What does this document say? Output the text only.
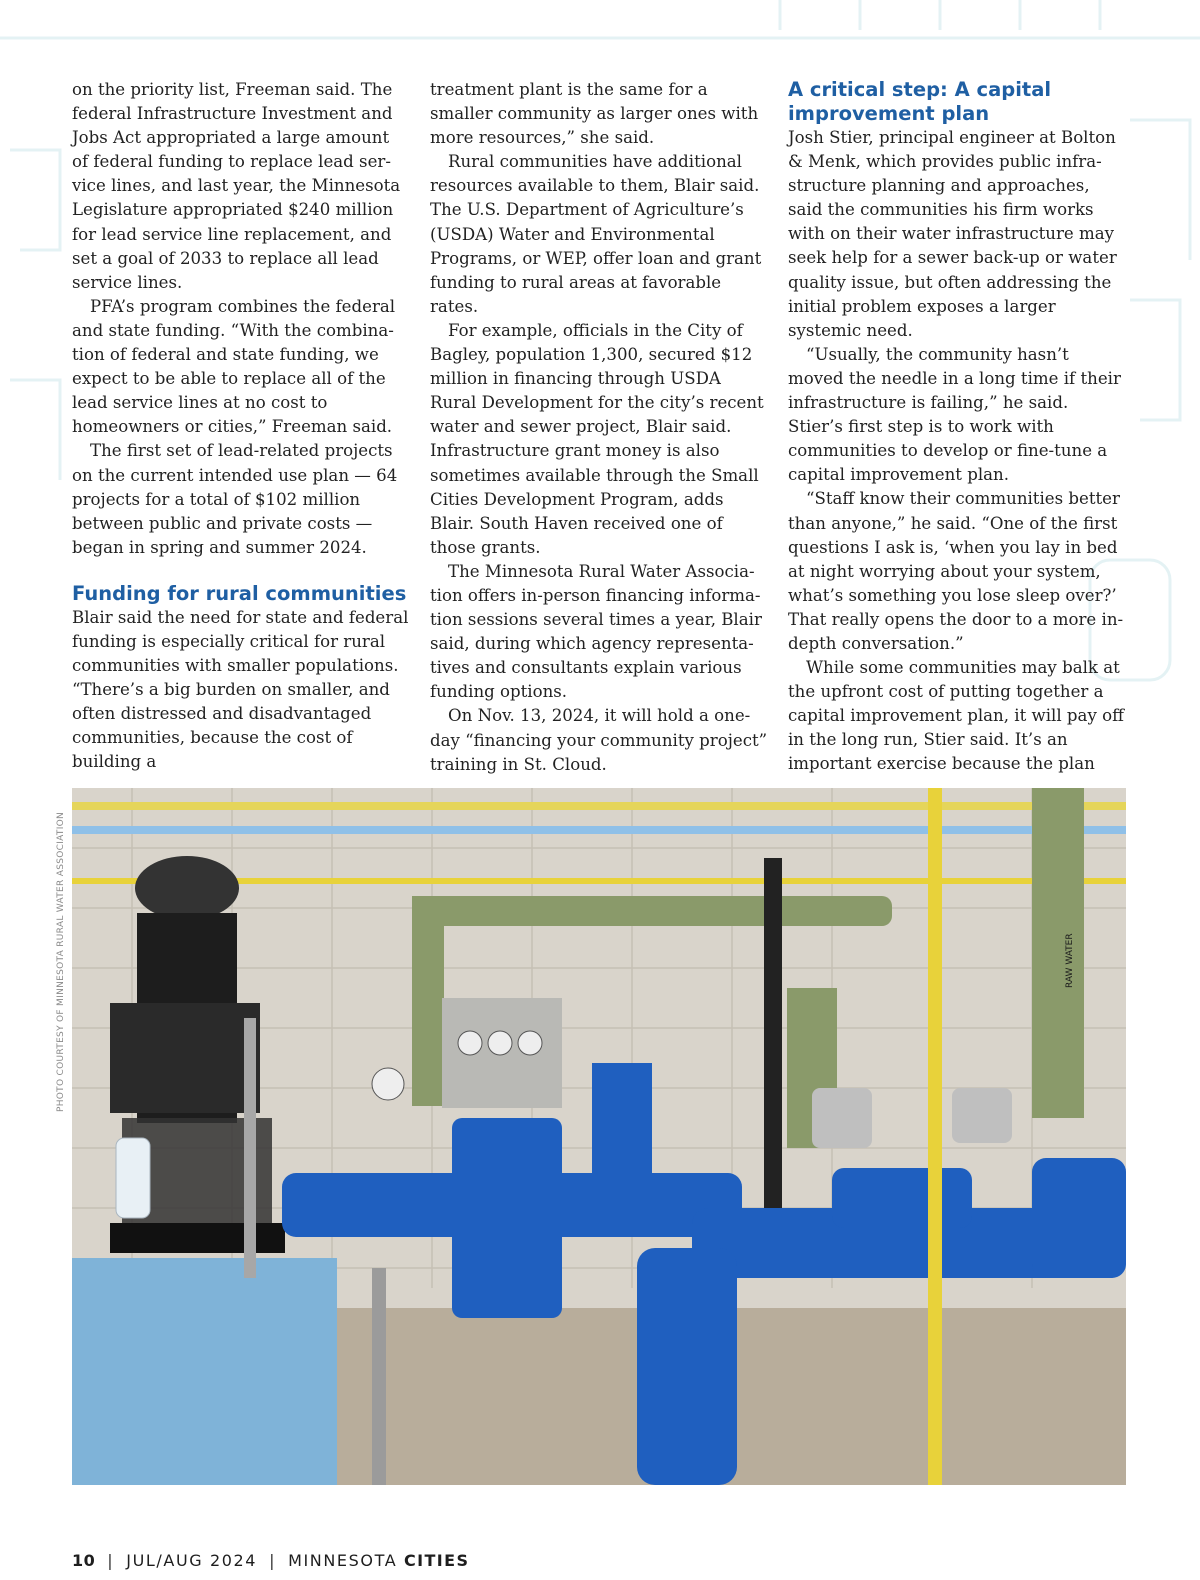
on the priority list, Freeman said. The federal Infrastructure Investment and Jobs Act appropriated a large amount of federal funding to replace lead service lines, and last year, the Minnesota Legislature appropriated $240 million for lead service line replacement, and set a goal of 2033 to replace all lead service lines.

PFA’s program combines the federal and state funding. “With the combination of federal and state funding, we expect to be able to replace all of the lead service lines at no cost to homeowners or cities,” Freeman said.

The first set of lead-related projects on the current intended use plan — 64 projects for a total of $102 million between public and private costs — began in spring and summer 2024.

Funding for rural communities

Blair said the need for state and federal funding is especially critical for rural communities with smaller populations. “There’s a big burden on smaller, and often distressed and disadvantaged communities, because the cost of building a

treatment plant is the same for a smaller community as larger ones with more resources,” she said.

Rural communities have additional resources available to them, Blair said. The U.S. Department of Agriculture’s (USDA) Water and Environmental Programs, or WEP, offer loan and grant funding to rural areas at favorable rates.

For example, officials in the City of Bagley, population 1,300, secured $12 million in financing through USDA Rural Development for the city’s recent water and sewer project, Blair said. Infrastructure grant money is also sometimes available through the Small Cities Development Program, adds Blair. South Haven received one of those grants.

The Minnesota Rural Water Association offers in-person financing information sessions several times a year, Blair said, during which agency representatives and consultants explain various funding options.

On Nov. 13, 2024, it will hold a one-day “financing your community project” training in St. Cloud.

A critical step: A capital improvement plan

Josh Stier, principal engineer at Bolton & Menk, which provides public infrastructure planning and approaches, said the communities his firm works with on their water infrastructure may seek help for a sewer back-up or water quality issue, but often addressing the initial problem exposes a larger systemic need.

“Usually, the community hasn’t moved the needle in a long time if their infrastructure is failing,” he said. Stier’s first step is to work with communities to develop or fine-tune a capital improvement plan.

“Staff know their communities better than anyone,” he said. “One of the first questions I ask is, ‘when you lay in bed at night worrying about your system, what’s something you lose sleep over?’ That really opens the door to a more in-depth conversation.”

While some communities may balk at the upfront cost of putting together a capital improvement plan, it will pay off in the long run, Stier said. It’s an important exercise because the plan

PHOTO COURTESY OF MINNESOTA RURAL WATER ASSOCIATION	RAW WATER
10 | JUL/AUG 2024 | MINNESOTA CITIES
